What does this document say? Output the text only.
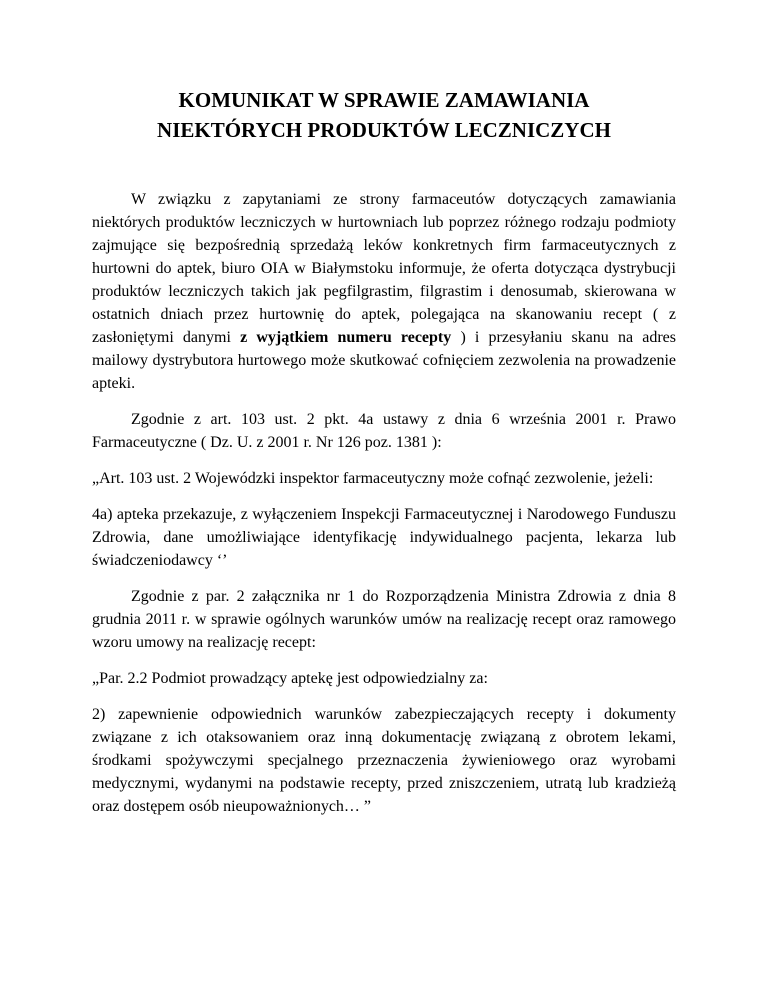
KOMUNIKAT W SPRAWIE ZAMAWIANIA
NIEKTÓRYCH PRODUKTÓW LECZNICZYCH

W związku z zapytaniami ze strony farmaceutów dotyczących zamawiania niektórych produktów leczniczych w hurtowniach lub poprzez różnego rodzaju podmioty zajmujące się bezpośrednią sprzedażą leków konkretnych firm farmaceutycznych z hurtowni do aptek, biuro OIA w Białymstoku informuje, że oferta dotycząca dystrybucji produktów leczniczych takich jak pegfilgrastim, filgrastim i denosumab, skierowana w ostatnich dniach przez hurtownię do aptek, polegająca na skanowaniu recept ( z zasłoniętymi danymi z wyjątkiem numeru recepty ) i przesyłaniu skanu na adres mailowy dystrybutora hurtowego może skutkować cofnięciem zezwolenia na prowadzenie apteki.

Zgodnie z art. 103 ust. 2 pkt. 4a ustawy z dnia 6 września 2001 r. Prawo Farmaceutyczne ( Dz. U. z 2001 r. Nr 126 poz. 1381 ):

„Art. 103 ust. 2 Wojewódzki inspektor farmaceutyczny może cofnąć zezwolenie, jeżeli:

4a) apteka przekazuje, z wyłączeniem Inspekcji Farmaceutycznej i Narodowego Funduszu Zdrowia, dane umożliwiające identyfikację indywidualnego pacjenta, lekarza lub świadczeniodawcy ‘’

Zgodnie z par. 2 załącznika nr 1 do Rozporządzenia Ministra Zdrowia z dnia 8 grudnia 2011 r. w sprawie ogólnych warunków umów na realizację recept oraz ramowego wzoru umowy na realizację recept:

„Par. 2.2 Podmiot prowadzący aptekę jest odpowiedzialny za:

2) zapewnienie odpowiednich warunków zabezpieczających recepty i dokumenty związane z ich otaksowaniem oraz inną dokumentację związaną z obrotem lekami, środkami spożywczymi specjalnego przeznaczenia żywieniowego oraz wyrobami medycznymi, wydanymi na podstawie recepty, przed zniszczeniem, utratą lub kradzieżą oraz dostępem osób nieupoważnionych… ”
